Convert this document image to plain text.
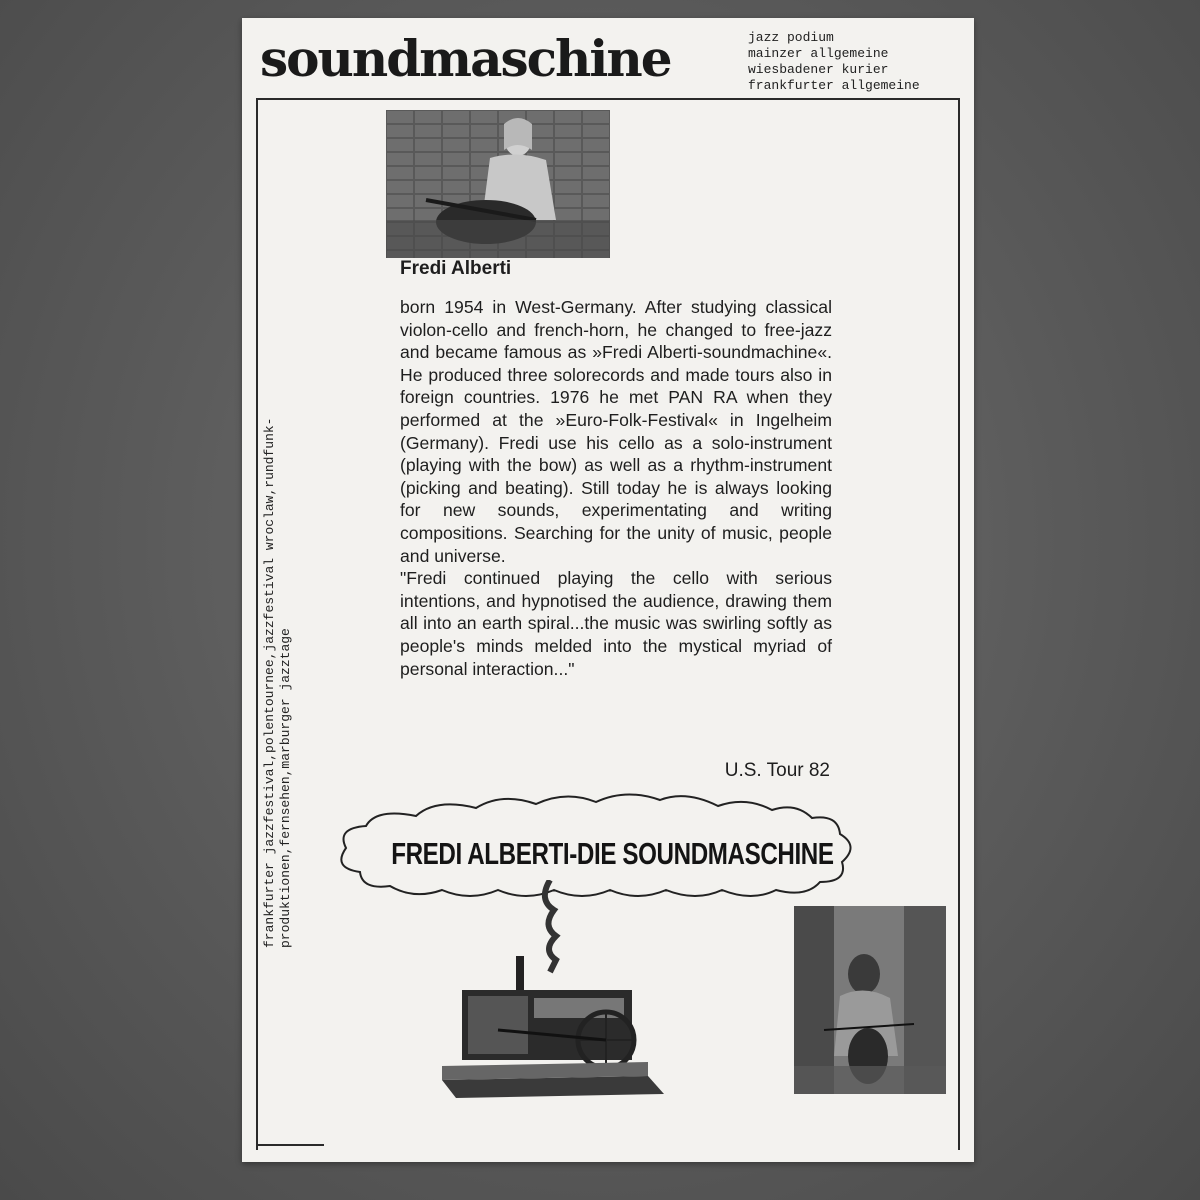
soundmaschine	jazz podium
mainzer allgemeine
wiesbadener kurier
frankfurter allgemeine
frankfurter jazzfestival,polentournee,jazzfestival wroclaw,rundfunk- produktionen,fernsehen,marburger jazztage
Fredi Alberti

born 1954 in West-Germany. After studying classical violon-cello and french-horn, he changed to free-jazz and became famous as »Fredi Alberti-soundmachine«. He produced three solorecords and made tours also in foreign countries. 1976 he met PAN RA when they performed at the »Euro-Folk-Festival« in Ingelheim (Germany). Fredi use his cello as a solo-instrument (playing with the bow) as well as a rhythm-instrument (picking and beating). Still today he is always looking for new sounds, experimentating and writing compositions. Searching for the unity of music, people and universe.

"Fredi continued playing the cello with serious intentions, and hypnotised the audience, drawing them all into an earth spiral...the music was swirling softly as people's minds melded into the mystical myriad of personal interaction..."

U.S. Tour 82
FREDI ALBERTI-DIE SOUNDMASCHINE
